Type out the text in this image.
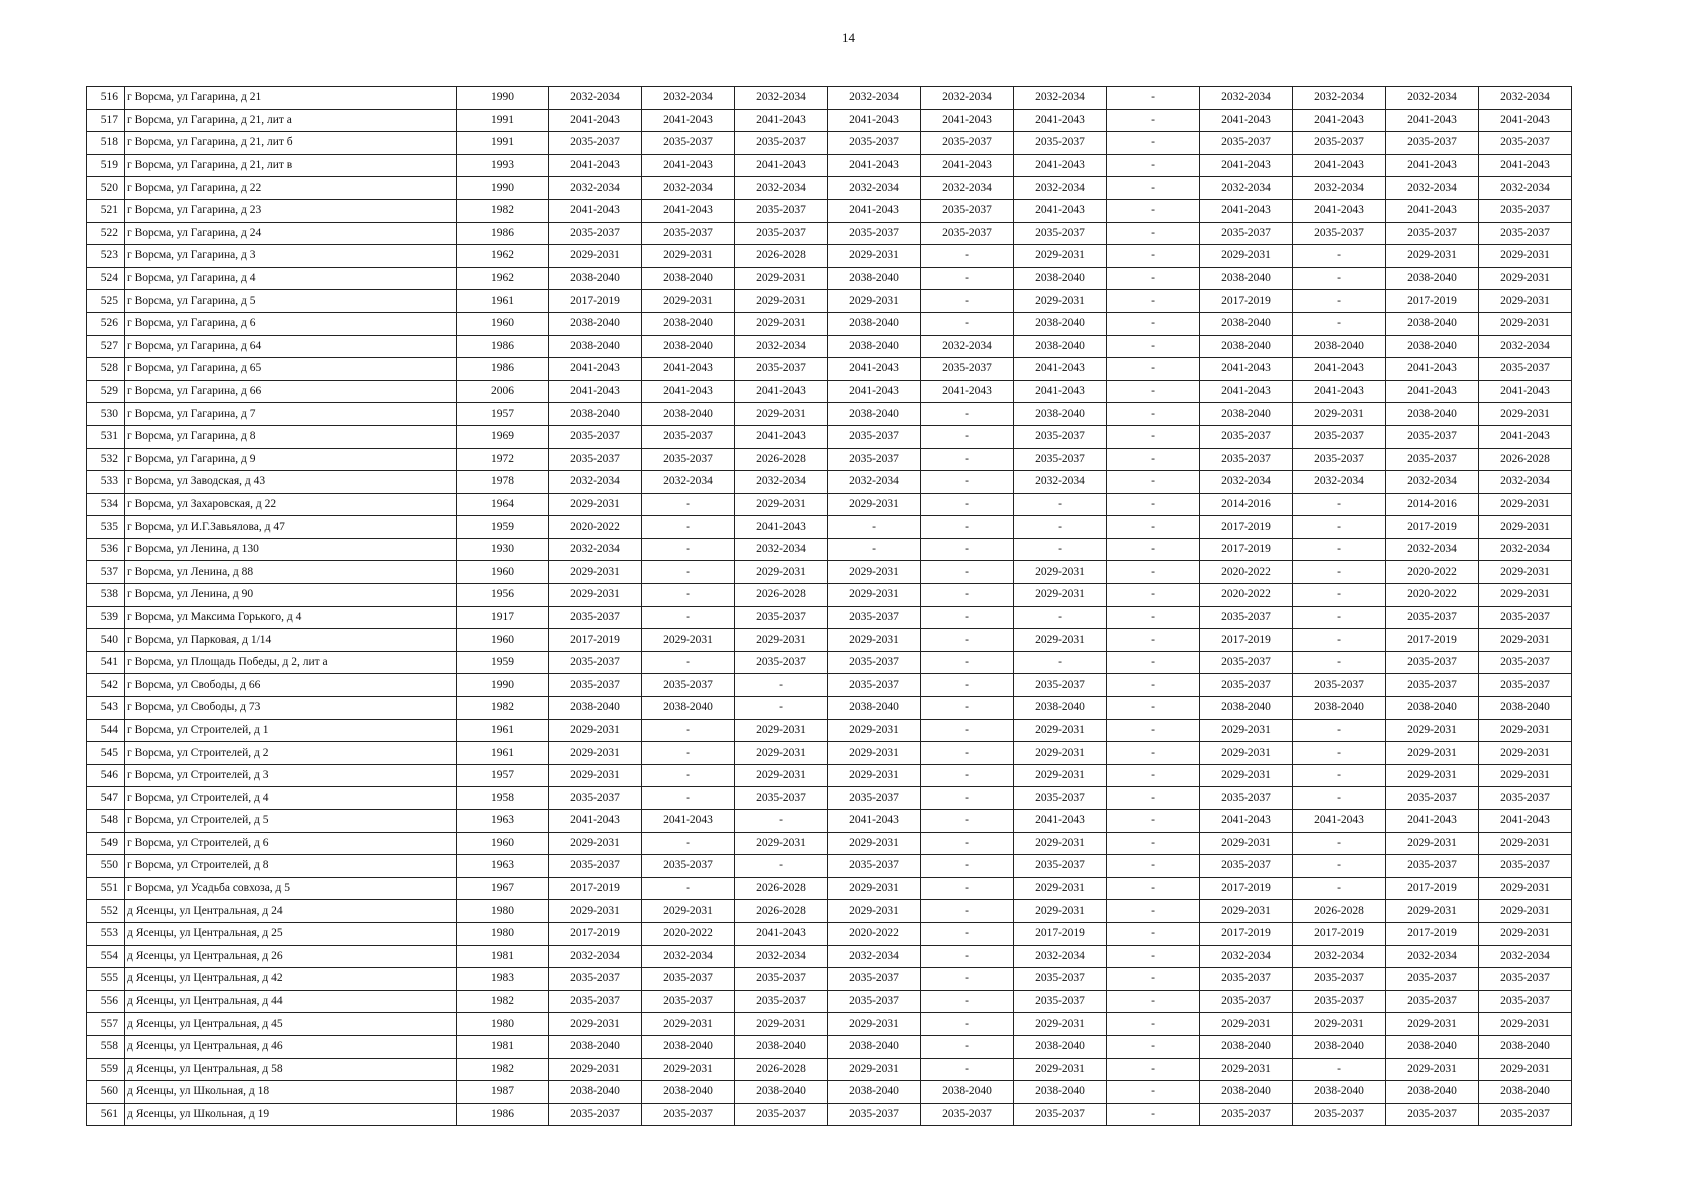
14
516	г Ворсма, ул Гагарина, д 21	1990	2032-2034	2032-2034	2032-2034	2032-2034	2032-2034	2032-2034	-	2032-2034	2032-2034	2032-2034	2032-2034
517	г Ворсма, ул Гагарина, д 21, лит а	1991	2041-2043	2041-2043	2041-2043	2041-2043	2041-2043	2041-2043	-	2041-2043	2041-2043	2041-2043	2041-2043
518	г Ворсма, ул Гагарина, д 21, лит б	1991	2035-2037	2035-2037	2035-2037	2035-2037	2035-2037	2035-2037	-	2035-2037	2035-2037	2035-2037	2035-2037
519	г Ворсма, ул Гагарина, д 21, лит в	1993	2041-2043	2041-2043	2041-2043	2041-2043	2041-2043	2041-2043	-	2041-2043	2041-2043	2041-2043	2041-2043
520	г Ворсма, ул Гагарина, д 22	1990	2032-2034	2032-2034	2032-2034	2032-2034	2032-2034	2032-2034	-	2032-2034	2032-2034	2032-2034	2032-2034
521	г Ворсма, ул Гагарина, д 23	1982	2041-2043	2041-2043	2035-2037	2041-2043	2035-2037	2041-2043	-	2041-2043	2041-2043	2041-2043	2035-2037
522	г Ворсма, ул Гагарина, д 24	1986	2035-2037	2035-2037	2035-2037	2035-2037	2035-2037	2035-2037	-	2035-2037	2035-2037	2035-2037	2035-2037
523	г Ворсма, ул Гагарина, д 3	1962	2029-2031	2029-2031	2026-2028	2029-2031	-	2029-2031	-	2029-2031	-	2029-2031	2029-2031
524	г Ворсма, ул Гагарина, д 4	1962	2038-2040	2038-2040	2029-2031	2038-2040	-	2038-2040	-	2038-2040	-	2038-2040	2029-2031
525	г Ворсма, ул Гагарина, д 5	1961	2017-2019	2029-2031	2029-2031	2029-2031	-	2029-2031	-	2017-2019	-	2017-2019	2029-2031
526	г Ворсма, ул Гагарина, д 6	1960	2038-2040	2038-2040	2029-2031	2038-2040	-	2038-2040	-	2038-2040	-	2038-2040	2029-2031
527	г Ворсма, ул Гагарина, д 64	1986	2038-2040	2038-2040	2032-2034	2038-2040	2032-2034	2038-2040	-	2038-2040	2038-2040	2038-2040	2032-2034
528	г Ворсма, ул Гагарина, д 65	1986	2041-2043	2041-2043	2035-2037	2041-2043	2035-2037	2041-2043	-	2041-2043	2041-2043	2041-2043	2035-2037
529	г Ворсма, ул Гагарина, д 66	2006	2041-2043	2041-2043	2041-2043	2041-2043	2041-2043	2041-2043	-	2041-2043	2041-2043	2041-2043	2041-2043
530	г Ворсма, ул Гагарина, д 7	1957	2038-2040	2038-2040	2029-2031	2038-2040	-	2038-2040	-	2038-2040	2029-2031	2038-2040	2029-2031
531	г Ворсма, ул Гагарина, д 8	1969	2035-2037	2035-2037	2041-2043	2035-2037	-	2035-2037	-	2035-2037	2035-2037	2035-2037	2041-2043
532	г Ворсма, ул Гагарина, д 9	1972	2035-2037	2035-2037	2026-2028	2035-2037	-	2035-2037	-	2035-2037	2035-2037	2035-2037	2026-2028
533	г Ворсма, ул Заводская, д 43	1978	2032-2034	2032-2034	2032-2034	2032-2034	-	2032-2034	-	2032-2034	2032-2034	2032-2034	2032-2034
534	г Ворсма, ул Захаровская, д 22	1964	2029-2031	-	2029-2031	2029-2031	-	-	-	2014-2016	-	2014-2016	2029-2031
535	г Ворсма, ул И.Г.Завьялова, д 47	1959	2020-2022	-	2041-2043	-	-	-	-	2017-2019	-	2017-2019	2029-2031
536	г Ворсма, ул Ленина, д 130	1930	2032-2034	-	2032-2034	-	-	-	-	2017-2019	-	2032-2034	2032-2034
537	г Ворсма, ул Ленина, д 88	1960	2029-2031	-	2029-2031	2029-2031	-	2029-2031	-	2020-2022	-	2020-2022	2029-2031
538	г Ворсма, ул Ленина, д 90	1956	2029-2031	-	2026-2028	2029-2031	-	2029-2031	-	2020-2022	-	2020-2022	2029-2031
539	г Ворсма, ул Максима Горького, д 4	1917	2035-2037	-	2035-2037	2035-2037	-	-	-	2035-2037	-	2035-2037	2035-2037
540	г Ворсма, ул Парковая, д 1/14	1960	2017-2019	2029-2031	2029-2031	2029-2031	-	2029-2031	-	2017-2019	-	2017-2019	2029-2031
541	г Ворсма, ул Площадь Победы, д 2, лит а	1959	2035-2037	-	2035-2037	2035-2037	-	-	-	2035-2037	-	2035-2037	2035-2037
542	г Ворсма, ул Свободы, д 66	1990	2035-2037	2035-2037	-	2035-2037	-	2035-2037	-	2035-2037	2035-2037	2035-2037	2035-2037
543	г Ворсма, ул Свободы, д 73	1982	2038-2040	2038-2040	-	2038-2040	-	2038-2040	-	2038-2040	2038-2040	2038-2040	2038-2040
544	г Ворсма, ул Строителей, д 1	1961	2029-2031	-	2029-2031	2029-2031	-	2029-2031	-	2029-2031	-	2029-2031	2029-2031
545	г Ворсма, ул Строителей, д 2	1961	2029-2031	-	2029-2031	2029-2031	-	2029-2031	-	2029-2031	-	2029-2031	2029-2031
546	г Ворсма, ул Строителей, д 3	1957	2029-2031	-	2029-2031	2029-2031	-	2029-2031	-	2029-2031	-	2029-2031	2029-2031
547	г Ворсма, ул Строителей, д 4	1958	2035-2037	-	2035-2037	2035-2037	-	2035-2037	-	2035-2037	-	2035-2037	2035-2037
548	г Ворсма, ул Строителей, д 5	1963	2041-2043	2041-2043	-	2041-2043	-	2041-2043	-	2041-2043	2041-2043	2041-2043	2041-2043
549	г Ворсма, ул Строителей, д 6	1960	2029-2031	-	2029-2031	2029-2031	-	2029-2031	-	2029-2031	-	2029-2031	2029-2031
550	г Ворсма, ул Строителей, д 8	1963	2035-2037	2035-2037	-	2035-2037	-	2035-2037	-	2035-2037	-	2035-2037	2035-2037
551	г Ворсма, ул Усадьба совхоза, д 5	1967	2017-2019	-	2026-2028	2029-2031	-	2029-2031	-	2017-2019	-	2017-2019	2029-2031
552	д Ясенцы, ул Центральная, д 24	1980	2029-2031	2029-2031	2026-2028	2029-2031	-	2029-2031	-	2029-2031	2026-2028	2029-2031	2029-2031
553	д Ясенцы, ул Центральная, д 25	1980	2017-2019	2020-2022	2041-2043	2020-2022	-	2017-2019	-	2017-2019	2017-2019	2017-2019	2029-2031
554	д Ясенцы, ул Центральная, д 26	1981	2032-2034	2032-2034	2032-2034	2032-2034	-	2032-2034	-	2032-2034	2032-2034	2032-2034	2032-2034
555	д Ясенцы, ул Центральная, д 42	1983	2035-2037	2035-2037	2035-2037	2035-2037	-	2035-2037	-	2035-2037	2035-2037	2035-2037	2035-2037
556	д Ясенцы, ул Центральная, д 44	1982	2035-2037	2035-2037	2035-2037	2035-2037	-	2035-2037	-	2035-2037	2035-2037	2035-2037	2035-2037
557	д Ясенцы, ул Центральная, д 45	1980	2029-2031	2029-2031	2029-2031	2029-2031	-	2029-2031	-	2029-2031	2029-2031	2029-2031	2029-2031
558	д Ясенцы, ул Центральная, д 46	1981	2038-2040	2038-2040	2038-2040	2038-2040	-	2038-2040	-	2038-2040	2038-2040	2038-2040	2038-2040
559	д Ясенцы, ул Центральная, д 58	1982	2029-2031	2029-2031	2026-2028	2029-2031	-	2029-2031	-	2029-2031	-	2029-2031	2029-2031
560	д Ясенцы, ул Школьная, д 18	1987	2038-2040	2038-2040	2038-2040	2038-2040	2038-2040	2038-2040	-	2038-2040	2038-2040	2038-2040	2038-2040
561	д Ясенцы, ул Школьная, д 19	1986	2035-2037	2035-2037	2035-2037	2035-2037	2035-2037	2035-2037	-	2035-2037	2035-2037	2035-2037	2035-2037
